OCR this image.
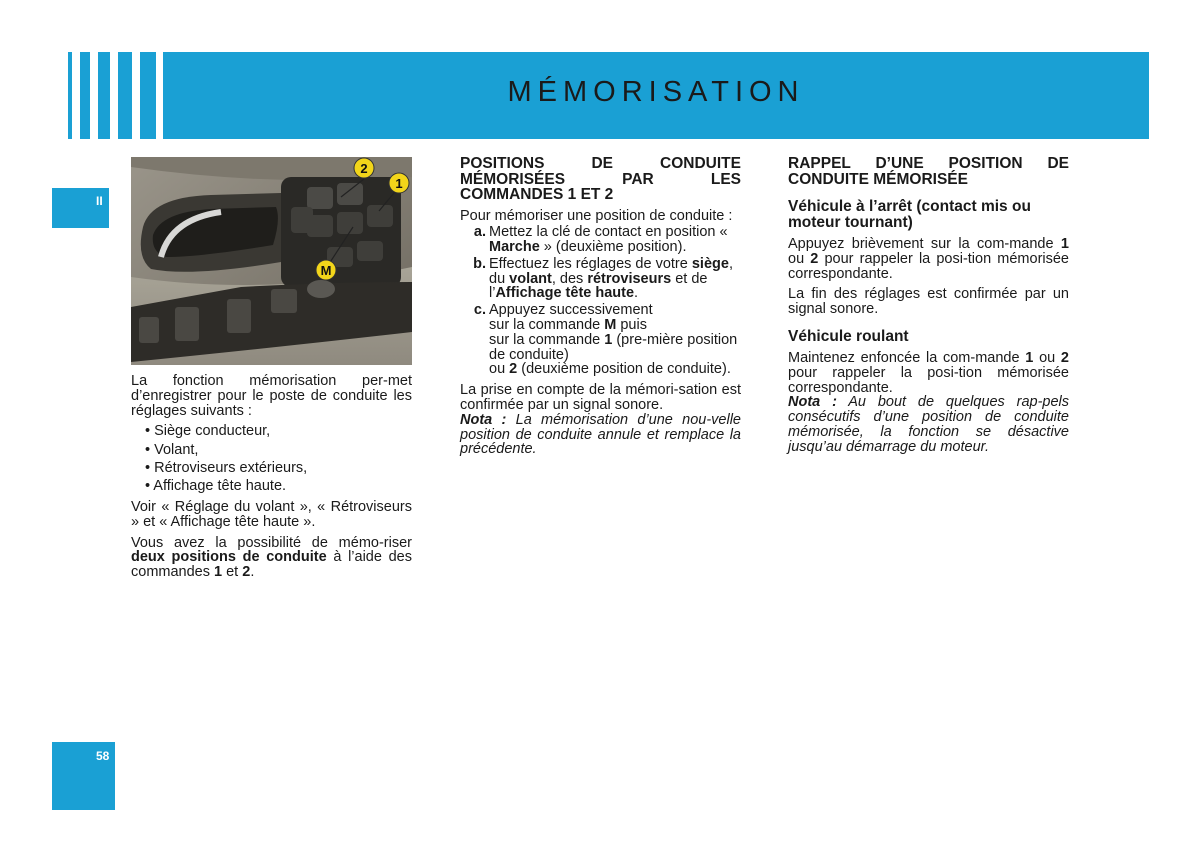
MÉMORISATION
II
58
2
1
M

La fonction mémorisation per-met d’enregistrer pour le poste de conduite les réglages suivants :

• Siège conducteur,
• Volant,
• Rétroviseurs extérieurs,
• Affichage tête haute.

Voir « Réglage du volant », « Rétroviseurs » et « Affichage tête haute ».

Vous avez la possibilité de mémo-riser deux positions de conduite à l’aide des commandes 1 et 2.

POSITIONS DE CONDUITE MÉMORISÉES PAR LES COMMANDES 1 ET 2

Pour mémoriser une position de conduite :

a. Mettez la clé de contact en position « Marche » (deuxième position).
b. Effectuez les réglages de votre siège, du volant, des rétroviseurs et de l’Affichage tête haute.
c. Appuyez successivement
sur la commande M puis
sur la commande 1 (pre-mière position de conduite)
ou 2 (deuxième position de conduite).

La prise en compte de la mémori-sation est confirmée par un signal sonore.

Nota : La mémorisation d’une nou-velle position de conduite annule et remplace la précédente.

RAPPEL D’UNE POSITION DE CONDUITE MÉMORISÉE
Véhicule à l’arrêt (contact mis ou moteur tournant)

Appuyez brièvement sur la com-mande 1 ou 2 pour rappeler la posi-tion mémorisée correspondante.

La fin des réglages est confirmée par un signal sonore.

Véhicule roulant

Maintenez enfoncée la com-mande 1 ou 2 pour rappeler la posi-tion mémorisée correspondante.

Nota : Au bout de quelques rap-pels consécutifs d’une position de conduite mémorisée, la fonction se désactive jusqu’au démarrage du moteur.
